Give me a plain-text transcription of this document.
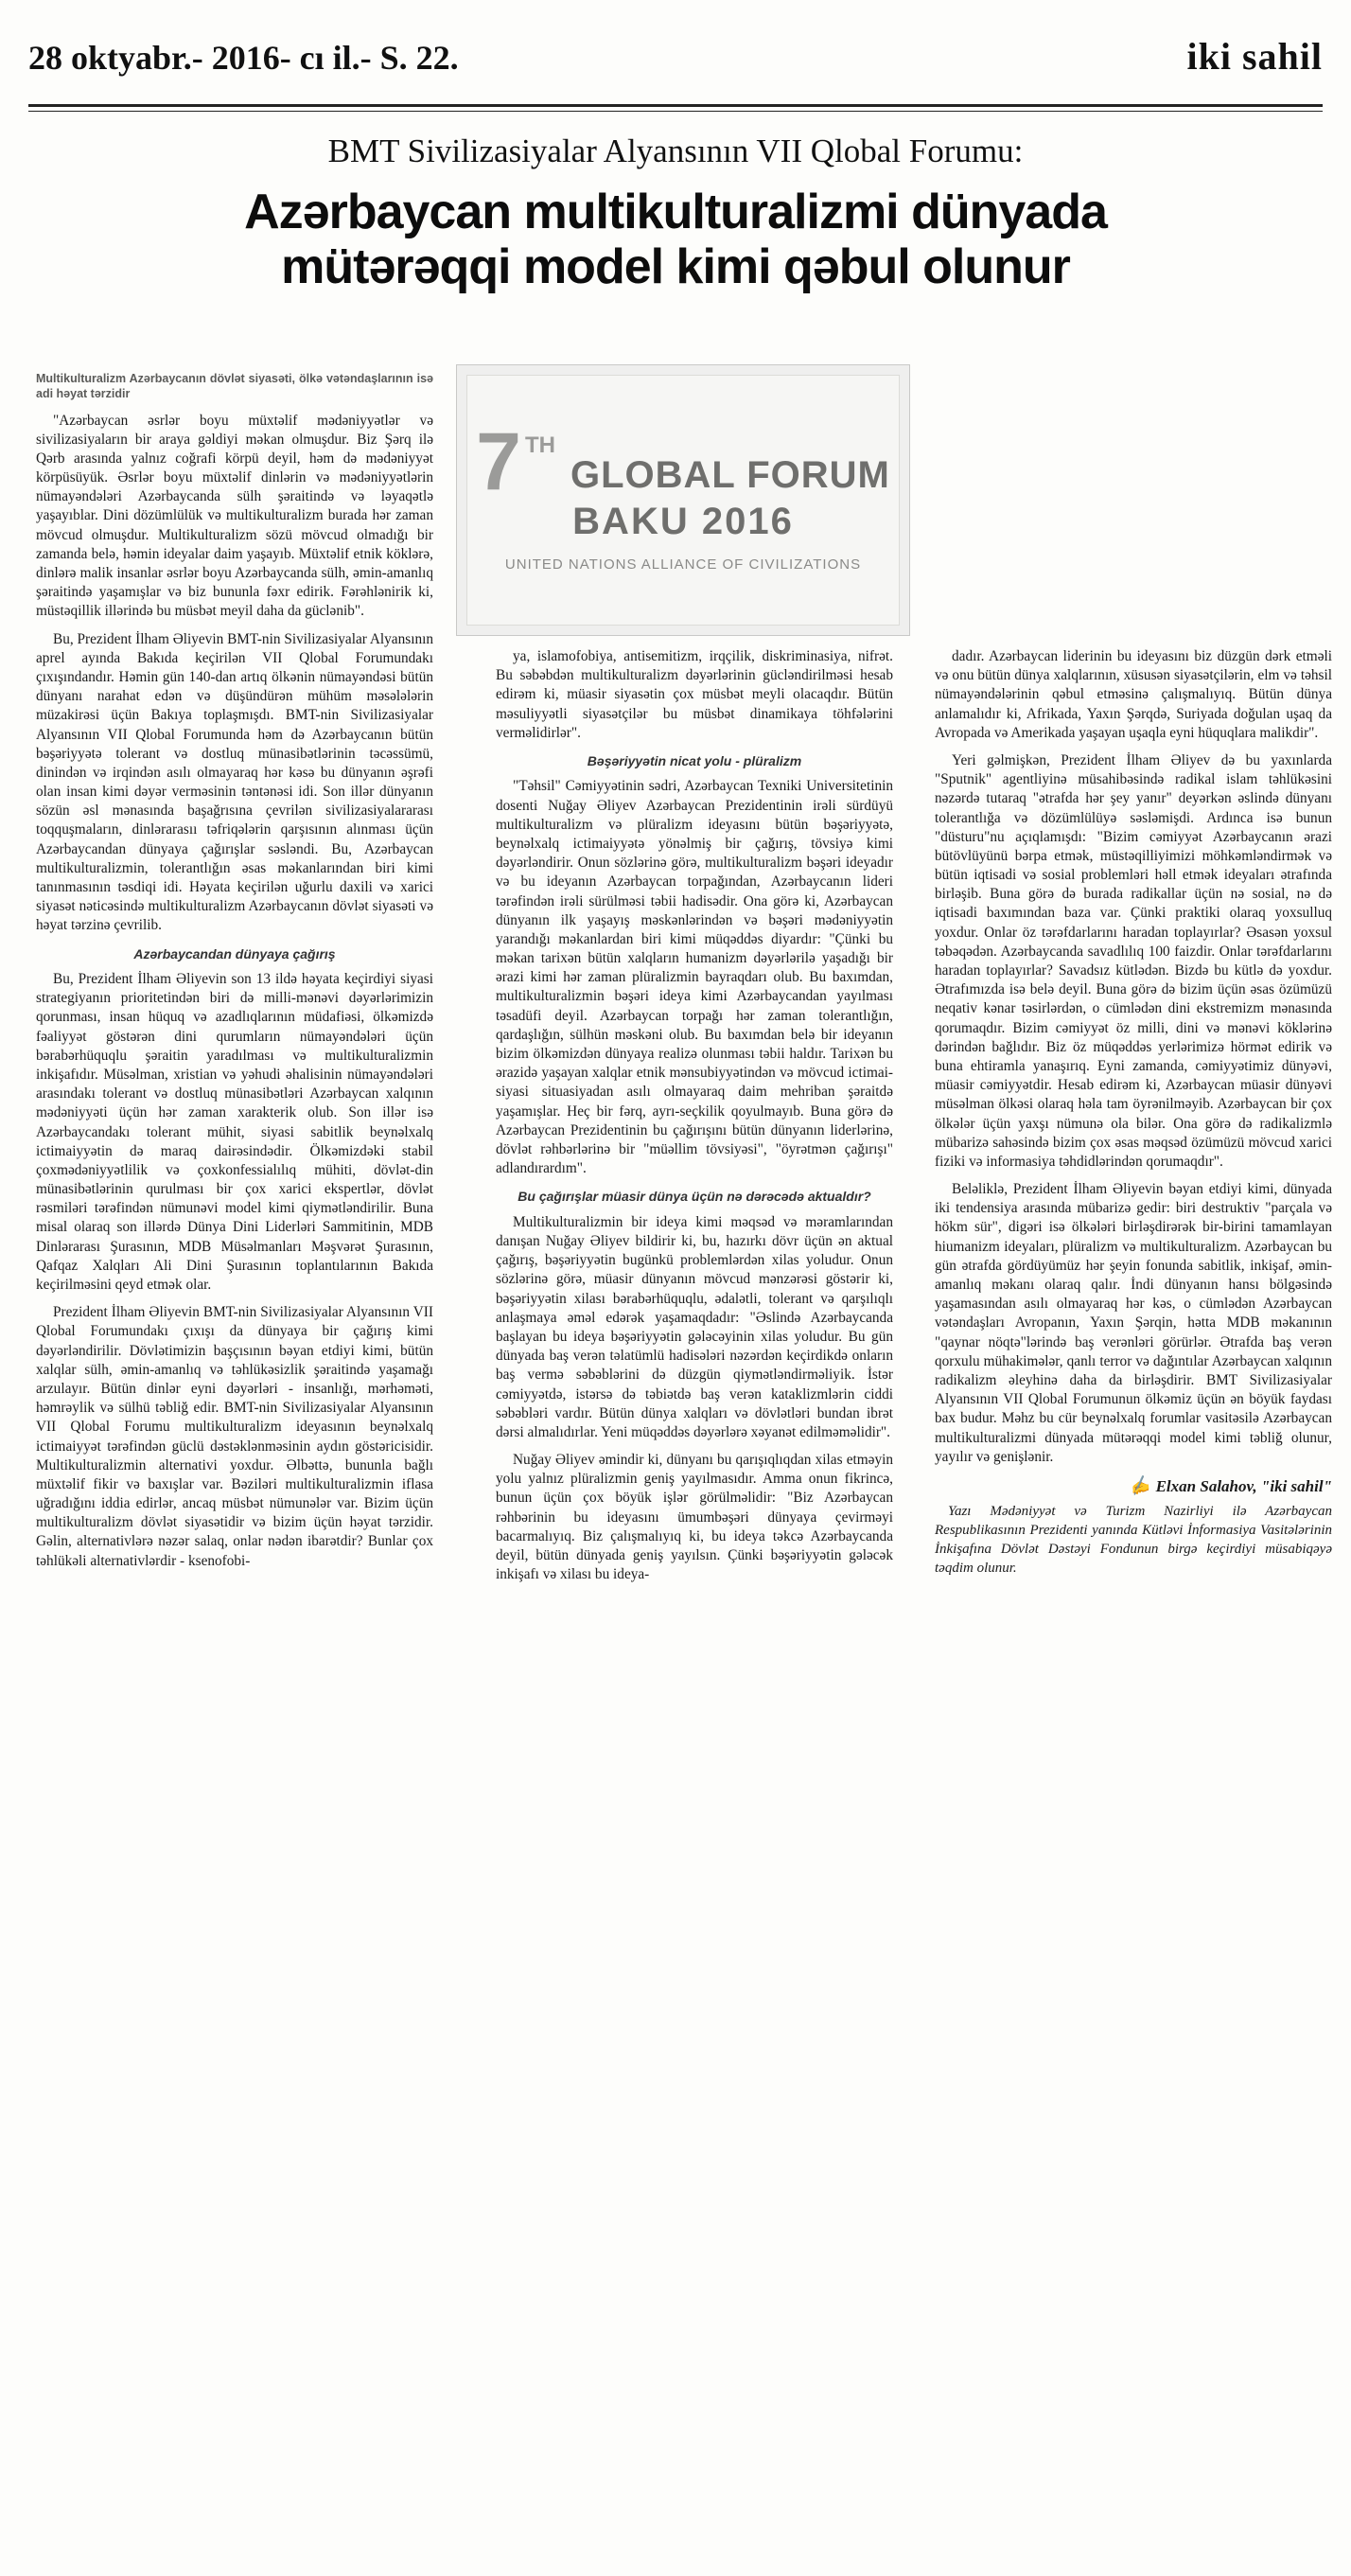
28 oktyabr.- 2016- cı il.- S. 22.	iki sahil
BMT Sivilizasiyalar Alyansının VII Qlobal Forumu:
Azərbaycan multikulturalizmi dünyada
mütərəqqi model kimi qəbul olunur
7 TH
GLOBAL FORUM
BAKU 2016
UNITED NATIONS ALLIANCE OF CIVILIZATIONS
Multikulturalizm Azərbaycanın dövlət siyasəti, ölkə vətəndaşlarının isə adi həyat tərzidir

"Azərbaycan əsrlər boyu müxtəlif mədəniyyətlər və sivilizasiyaların bir araya gəldiyi məkan olmuşdur. Biz Şərq ilə Qərb arasında yalnız coğrafi körpü deyil, həm də mədəniyyət körpüsüyük. Əsrlər boyu müxtəlif dinlərin və mədəniyyətlərin nümayəndələri Azərbaycanda sülh şəraitində və ləyaqətlə yaşayıblar. Dini dözümlülük və multikulturalizm burada hər zaman mövcud olmuşdur. Multikulturalizm sözü mövcud olmadığı bir zamanda belə, həmin ideyalar daim yaşayıb. Müxtəlif etnik köklərə, dinlərə malik insanlar əsrlər boyu Azərbaycanda sülh, əmin-amanlıq şəraitində yaşamışlar və biz bununla fəxr edirik. Fərəhlənirik ki, müstəqillik illərində bu müsbət meyil daha da güclənib".

Bu, Prezident İlham Əliyevin BMT-nin Sivilizasiyalar Alyansının aprel ayında Bakıda keçirilən VII Qlobal Forumundakı çıxışındandır. Həmin gün 140-dan artıq ölkənin nümayəndəsi bütün dünyanı narahat edən və düşündürən mühüm məsələlərin müzakirəsi üçün Bakıya toplaşmışdı. BMT-nin Sivilizasiyalar Alyansının VII Qlobal Forumunda həm də Azərbaycanın bütün bəşəriyyətə tolerant və dostluq münasibətlərinin təcəssümü, dinindən və irqindən asılı olmayaraq hər kəsə bu dünyanın əşrəfi olan insan kimi dəyər verməsinin təntənəsi idi. Son illər dünyanın sözün əsl mənasında başağrısına çevrilən sivilizasiyalararası toqquşmaların, dinlərarasıı təfriqələrin qarşısının alınması üçün Azərbaycandan dünyaya çağırışlar səsləndi. Bu, Azərbaycan multikulturalizmin, tolerantlığın əsas məkanlarından biri kimi tanınmasının təsdiqi idi. Həyata keçirilən uğurlu daxili və xarici siyasət nəticəsində multikulturalizm Azərbaycanın dövlət siyasəti və həyat tərzinə çevrilib.

Azərbaycandan dünyaya çağırış

Bu, Prezident İlham Əliyevin son 13 ildə həyata keçirdiyi siyasi strategiyanın prioritetindən biri də milli-mənəvi dəyərlərimizin qorunması, insan hüquq və azadlıqlarının müdafiəsi, ölkəmizdə fəaliyyət göstərən dini qurumların nümayəndələri üçün bərabərhüquqlu şəraitin yaradılması və multikulturalizmin inkişafıdır. Müsəlman, xristian və yəhudi əhalisinin nümayəndələri arasındakı tolerant və dostluq münasibətləri Azərbaycan xalqının mədəniyyəti üçün hər zaman xarakterik olub. Son illər isə Azərbaycandakı tolerant mühit, siyasi sabitlik beynəlxalq ictimaiyyətin də maraq dairəsindədir. Ölkəmizdəki stabil çoxmədəniyyətlilik və çoxkonfessialılıq mühiti, dövlət-din münasibətlərinin qurulması bir çox xarici ekspertlər, dövlət rəsmiləri tərəfindən nümunəvi model kimi qiymətləndirilir. Buna misal olaraq son illərdə Dünya Dini Liderləri Sammitinin, MDB Dinlərarası Şurasının, MDB Müsəlmanları Məşvərət Şurasının, Qafqaz Xalqları Ali Dini Şurasının toplantılarının Bakıda keçirilməsini qeyd etmək olar.

Prezident İlham Əliyevin BMT-nin Sivilizasiyalar Alyansının VII Qlobal Forumundakı çıxışı da dünyaya bir çağırış kimi dəyərləndirilir. Dövlətimizin başçısının bəyan etdiyi kimi, bütün xalqlar sülh, əmin-amanlıq və təhlükəsizlik şəraitində yaşamağı arzulayır. Bütün dinlər eyni dəyərləri - insanlığı, mərhəməti, həmrəylik və sülhü təbliğ edir. BMT-nin Sivilizasiyalar Alyansının VII Qlobal Forumu multikulturalizm ideyasının beynəlxalq ictimaiyyət tərəfindən güclü dəstəklənməsinin aydın göstəricisidir. Multikulturalizmin alternativi yoxdur. Əlbəttə, bununla bağlı müxtəlif fikir və baxışlar var. Bəziləri multikulturalizmin iflasa uğradığını iddia edirlər, ancaq müsbət nümunələr var. Bizim üçün multikulturalizm dövlət siyasətidir və bizim üçün həyat tərzidir. Gəlin, alternativlərə nəzər salaq, onlar nədən ibarətdir? Bunlar çox təhlükəli alternativlərdir - ksenofobi-

ya, islamofobiya, antisemitizm, irqçilik, diskriminasiya, nifrət. Bu səbəbdən multikulturalizm dəyərlərinin gücləndirilməsi hesab edirəm ki, müasir siyasətin çox müsbət meyli olacaqdır. Bütün məsuliyyətli siyasətçilər bu müsbət dinamikaya töhfələrini verməlidirlər".

Bəşəriyyətin nicat yolu - plüralizm

"Təhsil" Cəmiyyətinin sədri, Azərbaycan Texniki Universitetinin dosenti Nuğay Əliyev Azərbaycan Prezidentinin irəli sürdüyü multikulturalizm və plüralizm ideyasını bütün bəşəriyyətə, beynəlxalq ictimaiyyətə yönəlmiş bir çağırış, tövsiyə kimi dəyərləndirir. Onun sözlərinə görə, multikulturalizm bəşəri ideyadır və bu ideyanın Azərbaycan torpağından, Azərbaycanın lideri tərəfindən irəli sürülməsi təbii hadisədir. Ona görə ki, Azərbaycan dünyanın ilk yaşayış məskənlərindən və bəşəri mədəniyyətin yarandığı məkanlardan biri kimi müqəddəs diyardır: "Çünki bu məkan tarixən bütün xalqların humanizm dəyərlərilə yaşadığı bir ərazi kimi hər zaman plüralizmin bayraqdarı olub. Bu baxımdan, multikulturalizmin bəşəri ideya kimi Azərbaycandan yayılması təsadüfi deyil. Azərbaycan torpağı hər zaman tolerantlığın, qardaşlığın, sülhün məskəni olub. Bu baxımdan belə bir ideyanın bizim ölkəmizdən dünyaya realizə olunması təbii haldır. Tarixən bu ərazidə yaşayan xalqlar etnik mənsubiyyətindən və mövcud ictimai-siyasi situasiyadan asılı olmayaraq daim mehriban şəraitdə yaşamışlar. Heç bir fərq, ayrı-seçkilik qoyulmayıb. Buna görə də Azərbaycan Prezidentinin bu çağırışını bütün dünyanın liderlərinə, dövlət rəhbərlərinə bir "müəllim tövsiyəsi", "öyrətmən çağırışı" adlandırardım".

Bu çağırışlar müasir dünya üçün nə dərəcədə aktualdır?

Multikulturalizmin bir ideya kimi məqsəd və məramlarından danışan Nuğay Əliyev bildirir ki, bu, hazırkı dövr üçün ən aktual çağırış, bəşəriyyətin bugünkü problemlərdən xilas yoludur. Onun sözlərinə görə, müasir dünyanın mövcud mənzərəsi göstərir ki, bəşəriyyətin xilası bərabərhüquqlu, ədalətli, tolerant və qarşılıqlı anlaşmaya əməl edərək yaşamaqdadır: "Əslində Azərbaycanda başlayan bu ideya bəşəriyyətin gələcəyinin xilas yoludur. Bu gün dünyada baş verən təlatümlü hadisələri nəzərdən keçirdikdə onların baş vermə səbəblərini də düzgün qiymətləndirməliyik. İstər cəmiyyətdə, istərsə də təbiətdə baş verən kataklizmlərin ciddi səbəbləri vardır. Bütün dünya xalqları və dövlətləri bundan ibrət dərsi almalıdırlar. Yeni müqəddəs dəyərlərə xəyanət edilməməlidir".

Nuğay Əliyev əmindir ki, dünyanı bu qarışıqlıqdan xilas etməyin yolu yalnız plüralizmin geniş yayılmasıdır. Amma onun fikrincə, bunun üçün çox böyük işlər görülməlidir: "Biz Azərbaycan rəhbərinin bu ideyasını ümumbəşəri dünyaya çevirməyi bacarmalıyıq. Biz çalışmalıyıq ki, bu ideya təkcə Azərbaycanda deyil, bütün dünyada geniş yayılsın. Çünki bəşəriyyətin gələcək inkişafı və xilası bu ideya-

dadır. Azərbaycan liderinin bu ideyasını biz düzgün dərk etməli və onu bütün dünya xalqlarının, xüsusən siyasətçilərin, elm və təhsil nümayəndələrinin qəbul etməsinə çalışmalıyıq. Bütün dünya anlamalıdır ki, Afrikada, Yaxın Şərqdə, Suriyada doğulan uşaq da Avropada və Amerikada yaşayan uşaqla eyni hüquqlara malikdir".

Yeri gəlmişkən, Prezident İlham Əliyev də bu yaxınlarda "Sputnik" agentliyinə müsahibəsində radikal islam təhlükəsini nəzərdə tutaraq "ətrafda hər şey yanır" deyərkən əslində dünyanı tolerantlığa və dözümlülüyə səsləmişdi. Ardınca isə bunun "düsturu"nu açıqlamışdı: "Bizim cəmiyyət Azərbaycanın ərazi bütövlüyünü bərpa etmək, müstəqilliyimizi möhkəmləndirmək və bütün iqtisadi və sosial problemləri həll etmək ideyaları ətrafında birləşib. Buna görə də burada radikallar üçün nə sosial, nə də iqtisadi baxımından baza var. Çünki praktiki olaraq yoxsulluq yoxdur. Onlar öz tərəfdarlarını haradan toplayırlar? Əsasən yoxsul təbəqədən. Azərbaycanda savadlılıq 100 faizdir. Onlar tərəfdarlarını haradan toplayırlar? Savadsız kütlədən. Bizdə bu kütlə də yoxdur. Ətrafımızda isə belə deyil. Buna görə də bizim üçün əsas özümüzü neqativ kənar təsirlərdən, o cümlədən dini ekstremizm mənasında qorumaqdır. Bizim cəmiyyət öz milli, dini və mənəvi köklərinə dərindən bağlıdır. Biz öz müqəddəs yerlərimizə hörmət edirik və buna ehtiramla yanaşırıq. Eyni zamanda, cəmiyyətimiz dünyəvi, müasir cəmiyyətdir. Hesab edirəm ki, Azərbaycan müasir dünyəvi müsəlman ölkəsi olaraq həla tam öyrənilməyib. Azərbaycan bir çox ölkələr üçün yaxşı nümunə ola bilər. Ona görə də radikalizmlə mübarizə sahəsində bizim çox əsas məqsəd özümüzü mövcud xarici fiziki və informasiya təhdidlərindən qorumaqdır".

Beləliklə, Prezident İlham Əliyevin bəyan etdiyi kimi, dünyada iki tendensiya arasında mübarizə gedir: biri destruktiv "parçala və hökm sür", digəri isə ölkələri birləşdirərək bir-birini tamamlayan hiumanizm ideyaları, plüralizm və multikulturalizm. Azərbaycan bu gün ətrafda gördüyümüz hər şeyin fonunda sabitlik, inkişaf, əmin-amanlıq məkanı olaraq qalır. İndi dünyanın hansı bölgəsində yaşamasından asılı olmayaraq hər kəs, o cümlədən Azərbaycan vətəndaşları Avropanın, Yaxın Şərqin, həttа MDB məkanının "qaynar nöqtə"lərində baş verənləri görürlər. Ətrafda baş verən qorxulu mühakimələr, qanlı terror və dağıntılar Azərbaycan xalqının radikalizm əleyhinə daha da birləşdirir. BMT Sivilizasiyalar Alyansının VII Qlobal Forumunun ölkəmiz üçün ən böyük faydası bax budur. Məhz bu cür beynəlxalq forumlar vasitəsilə Azərbaycan multikulturalizmi dünyada mütərəqqi model kimi təbliğ olunur, yayılır və genişlənir.

✍ Elxan Salahov, "iki sahil"
Yazı Mədəniyyət və Turizm Nazirliyi ilə Azərbaycan Respublikasının Prezidenti yanında Kütləvi İnformasiya Vasitələrinin İnkişafına Dövlət Dəstəyi Fondunun birgə keçirdiyi müsabiqəyə təqdim olunur.
